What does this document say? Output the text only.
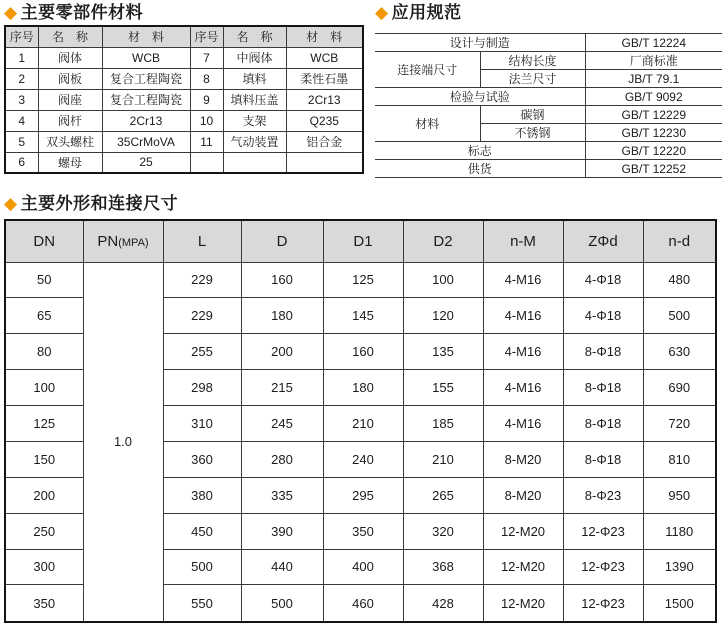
◆ 主要零部件材料
序号	名　称	材　料	序号	名　称	材　料
1	阀体	WCB	7	中阀体	WCB
2	阀板	复合工程陶瓷	8	填料	柔性石墨
3	阀座	复合工程陶瓷	9	填料压盖	2Cr13
4	阀杆	2Cr13	10	支架	Q235
5	双头螺柱	35CrMoVA	11	气动装置	铝合金
6	螺母	25			
◆ 应用规范
设计与制造		GB/T 12224
连接端尺寸	结构长度	厂商标准
	法兰尺寸	JB/T 79.1
检验与试验		GB/T 9092
材料	碳钢	GB/T 12229
	不锈钢	GB/T 12230
标志		GB/T 12220
供货		GB/T 12252
◆ 主要外形和连接尺寸
DN	PN(MPA)	L	D	D1	D2	n-M	ZΦd	n-d
50	1.0	229	160	125	100	4-M16	4-Φ18	480
65		229	180	145	120	4-M16	4-Φ18	500
80		255	200	160	135	4-M16	8-Φ18	630
100		298	215	180	155	4-M16	8-Φ18	690
125		310	245	210	185	4-M16	8-Φ18	720
150		360	280	240	210	8-M20	8-Φ18	810
200		380	335	295	265	8-M20	8-Φ23	950
250		450	390	350	320	12-M20	12-Φ23	1180
300		500	440	400	368	12-M20	12-Φ23	1390
350		550	500	460	428	12-M20	12-Φ23	1500
